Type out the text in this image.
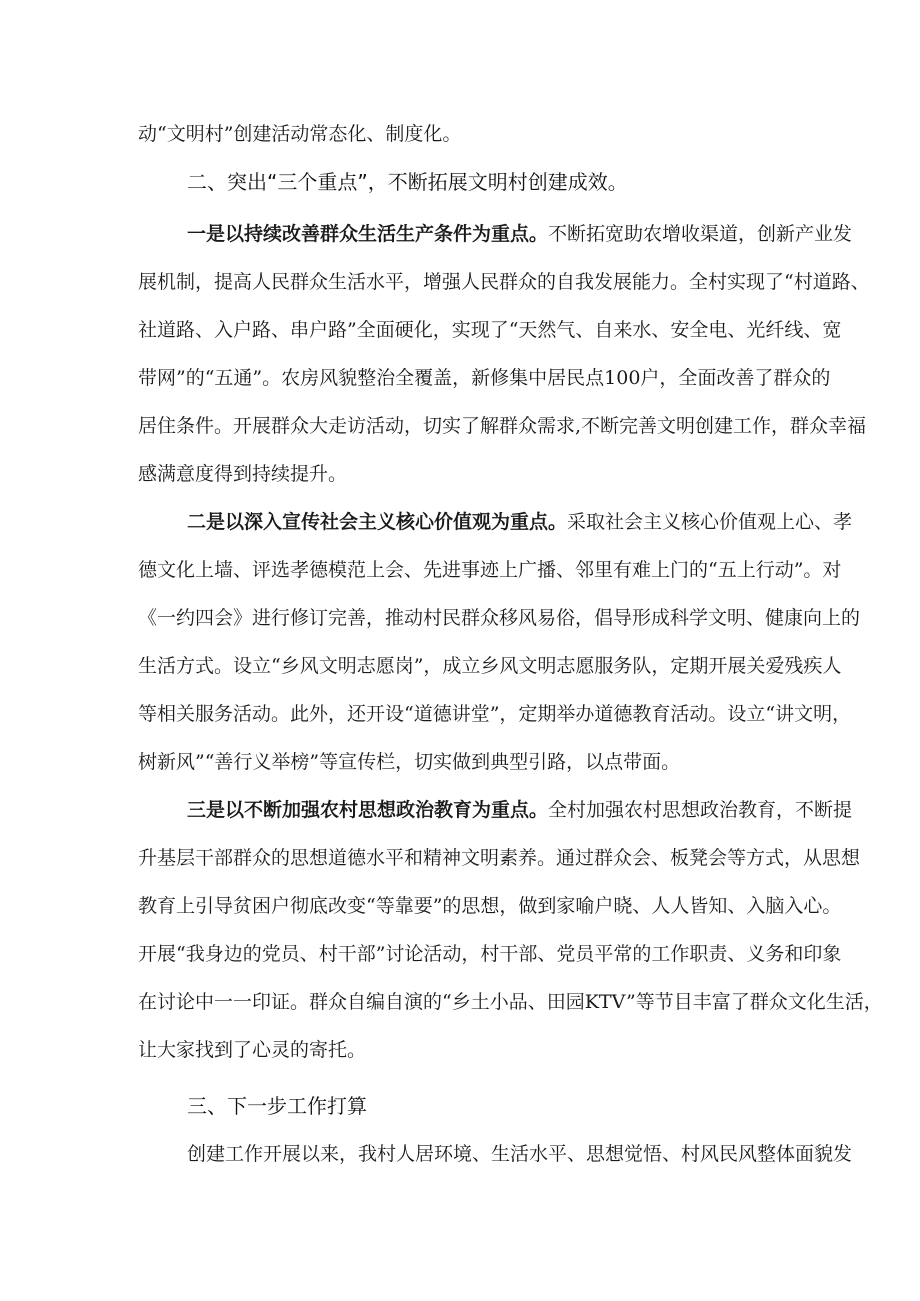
动“文明村”创建活动常态化、制度化。
二、突出“三个重点”，不断拓展文明村创建成效。
一是以持续改善群众生活生产条件为重点。不断拓宽助农增收渠道，创新产业发
展机制，提高人民群众生活水平，增强人民群众的自我发展能力。全村实现了“村道路、
社道路、入户路、串户路”全面硬化，实现了“天然气、自来水、安全电、光纤线、宽
带网”的“五通”。农房风貌整治全覆盖，新修集中居民点100户，全面改善了群众的
居住条件。开展群众大走访活动，切实了解群众需求,不断完善文明创建工作，群众幸福
感满意度得到持续提升。
二是以深入宣传社会主义核心价值观为重点。采取社会主义核心价值观上心、孝
德文化上墙、评选孝德模范上会、先进事迹上广播、邻里有难上门的“五上行动”。对
《一约四会》进行修订完善，推动村民群众移风易俗，倡导形成科学文明、健康向上的
生活方式。设立“乡风文明志愿岗”，成立乡风文明志愿服务队，定期开展关爱残疾人
等相关服务活动。此外，还开设“道德讲堂”，定期举办道德教育活动。设立“讲文明，
树新风”“善行义举榜”等宣传栏，切实做到典型引路，以点带面。
三是以不断加强农村思想政治教育为重点。全村加强农村思想政治教育，不断提
升基层干部群众的思想道德水平和精神文明素养。通过群众会、板凳会等方式，从思想
教育上引导贫困户彻底改变“等靠要”的思想，做到家喻户晓、人人皆知、入脑入心。
开展“我身边的党员、村干部”讨论活动，村干部、党员平常的工作职责、义务和印象
在讨论中一一印证。群众自编自演的“乡土小品、田园KTV”等节目丰富了群众文化生活，
让大家找到了心灵的寄托。
三、下一步工作打算
创建工作开展以来，我村人居环境、生活水平、思想觉悟、村风民风整体面貌发
